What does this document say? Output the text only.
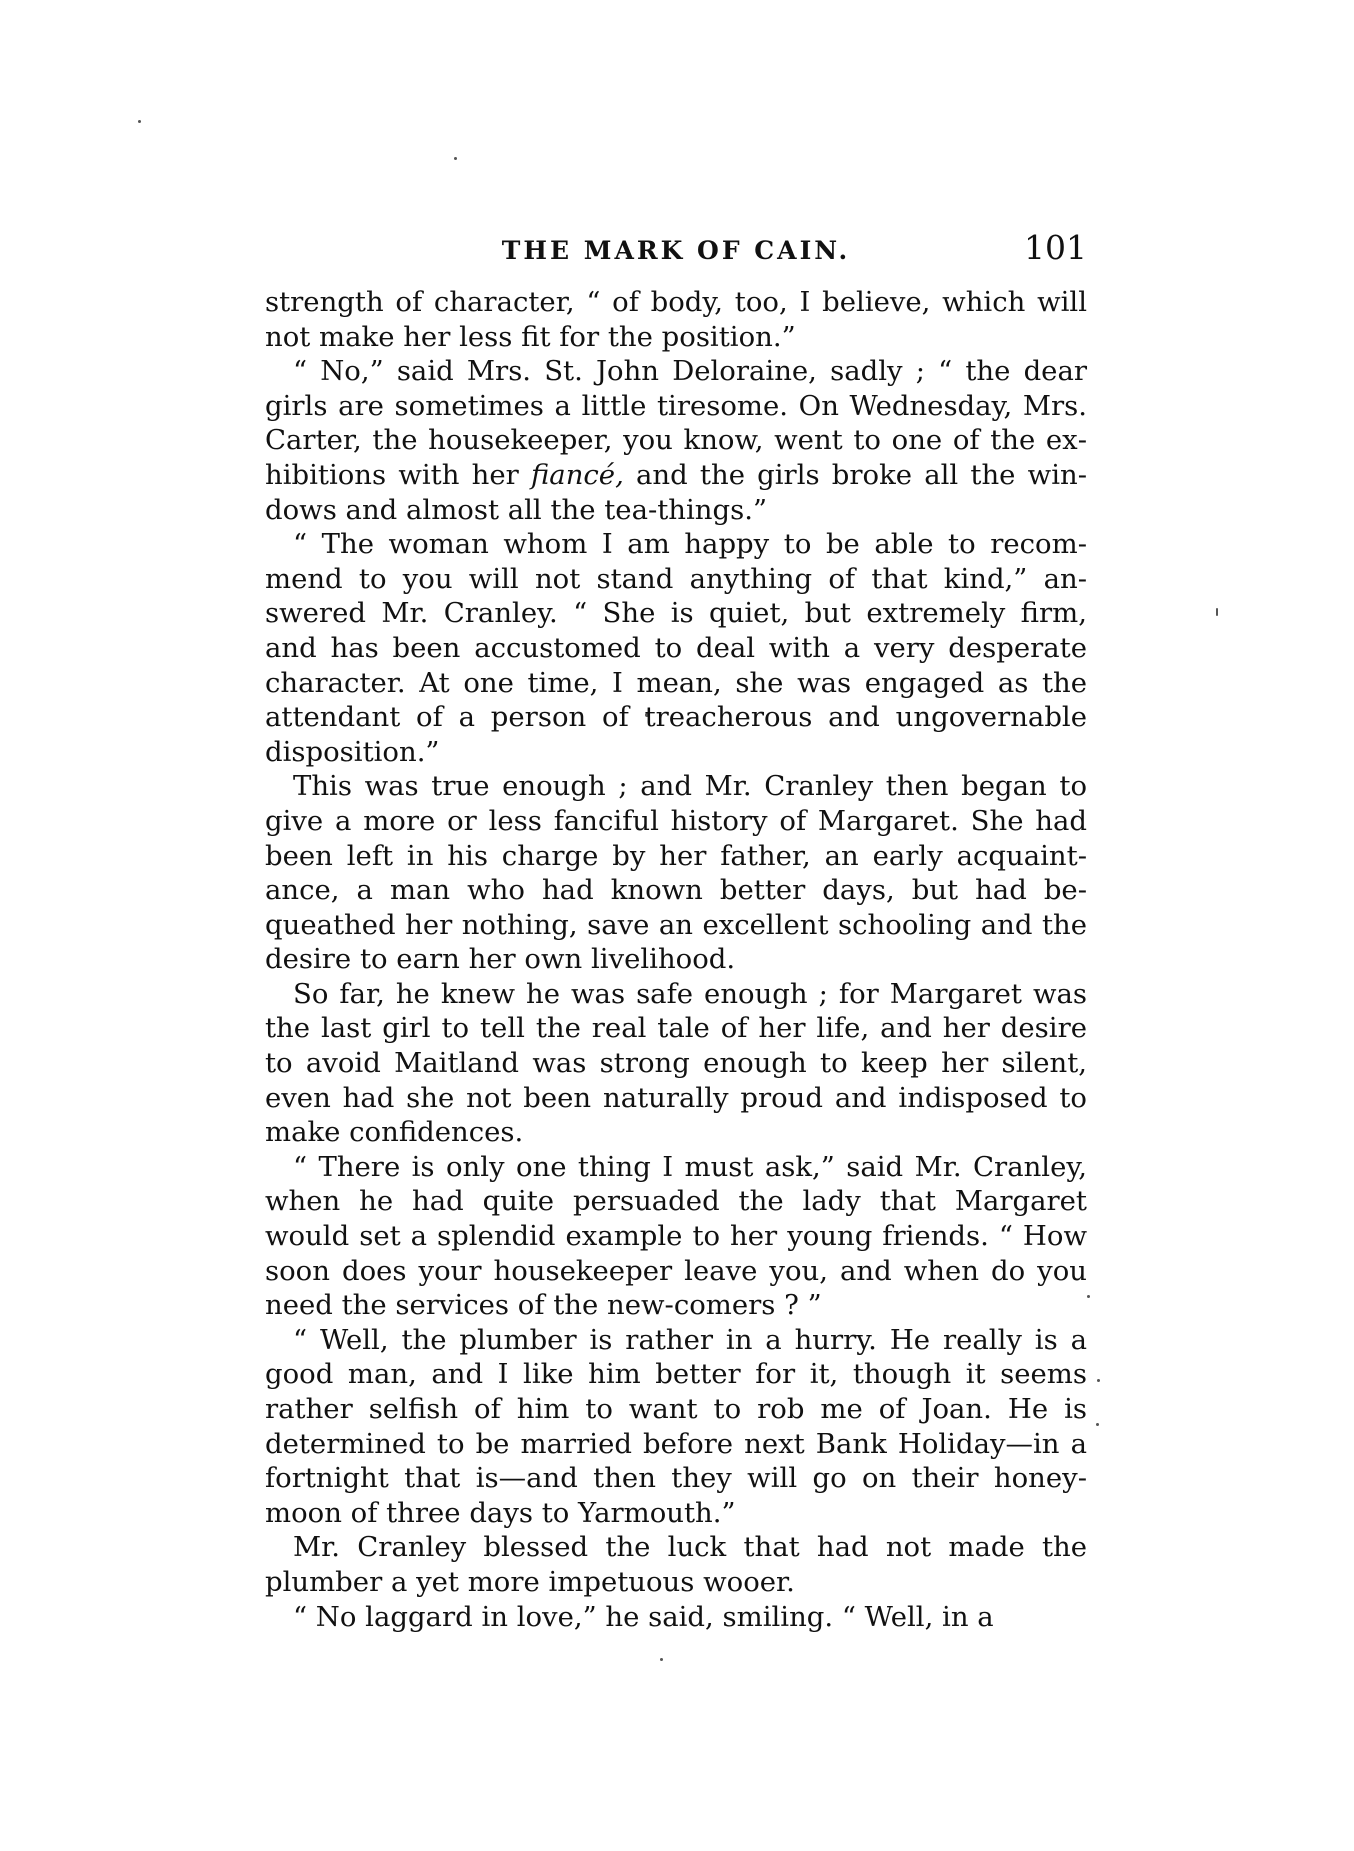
THE MARK OF CAIN.	101

strength of character, “ of body, too, I believe, which will not make her less fit for the position.”

“ No,” said Mrs. St. John Deloraine, sadly ; “ the dear girls are sometimes a little tiresome. On Wednesday, Mrs. Carter, the housekeeper, you know, went to one of the exhibitions with her fiancé, and the girls broke all the windows and almost all the tea-things.”

“ The woman whom I am happy to be able to recommend to you will not stand anything of that kind,” answered Mr. Cranley. “ She is quiet, but extremely firm, and has been accustomed to deal with a very desperate character. At one time, I mean, she was engaged as the attendant of a person of treacherous and ungovernable disposition.”

This was true enough ; and Mr. Cranley then began to give a more or less fanciful history of Margaret. She had been left in his charge by her father, an early acquaintance, a man who had known better days, but had bequeathed her nothing, save an excellent schooling and the desire to earn her own livelihood.

So far, he knew he was safe enough ; for Margaret was the last girl to tell the real tale of her life, and her desire to avoid Maitland was strong enough to keep her silent, even had she not been naturally proud and indisposed to make confidences.

“ There is only one thing I must ask,” said Mr. Cranley, when he had quite persuaded the lady that Margaret would set a splendid example to her young friends. “ How soon does your housekeeper leave you, and when do you need the services of the new-comers ? ”

“ Well, the plumber is rather in a hurry. He really is a good man, and I like him better for it, though it seems rather selfish of him to want to rob me of Joan. He is determined to be married before next Bank Holiday—in a fortnight that is—and then they will go on their honeymoon of three days to Yarmouth.”

Mr. Cranley blessed the luck that had not made the plumber a yet more impetuous wooer.

“ No laggard in love,” he said, smiling. “ Well, in a
